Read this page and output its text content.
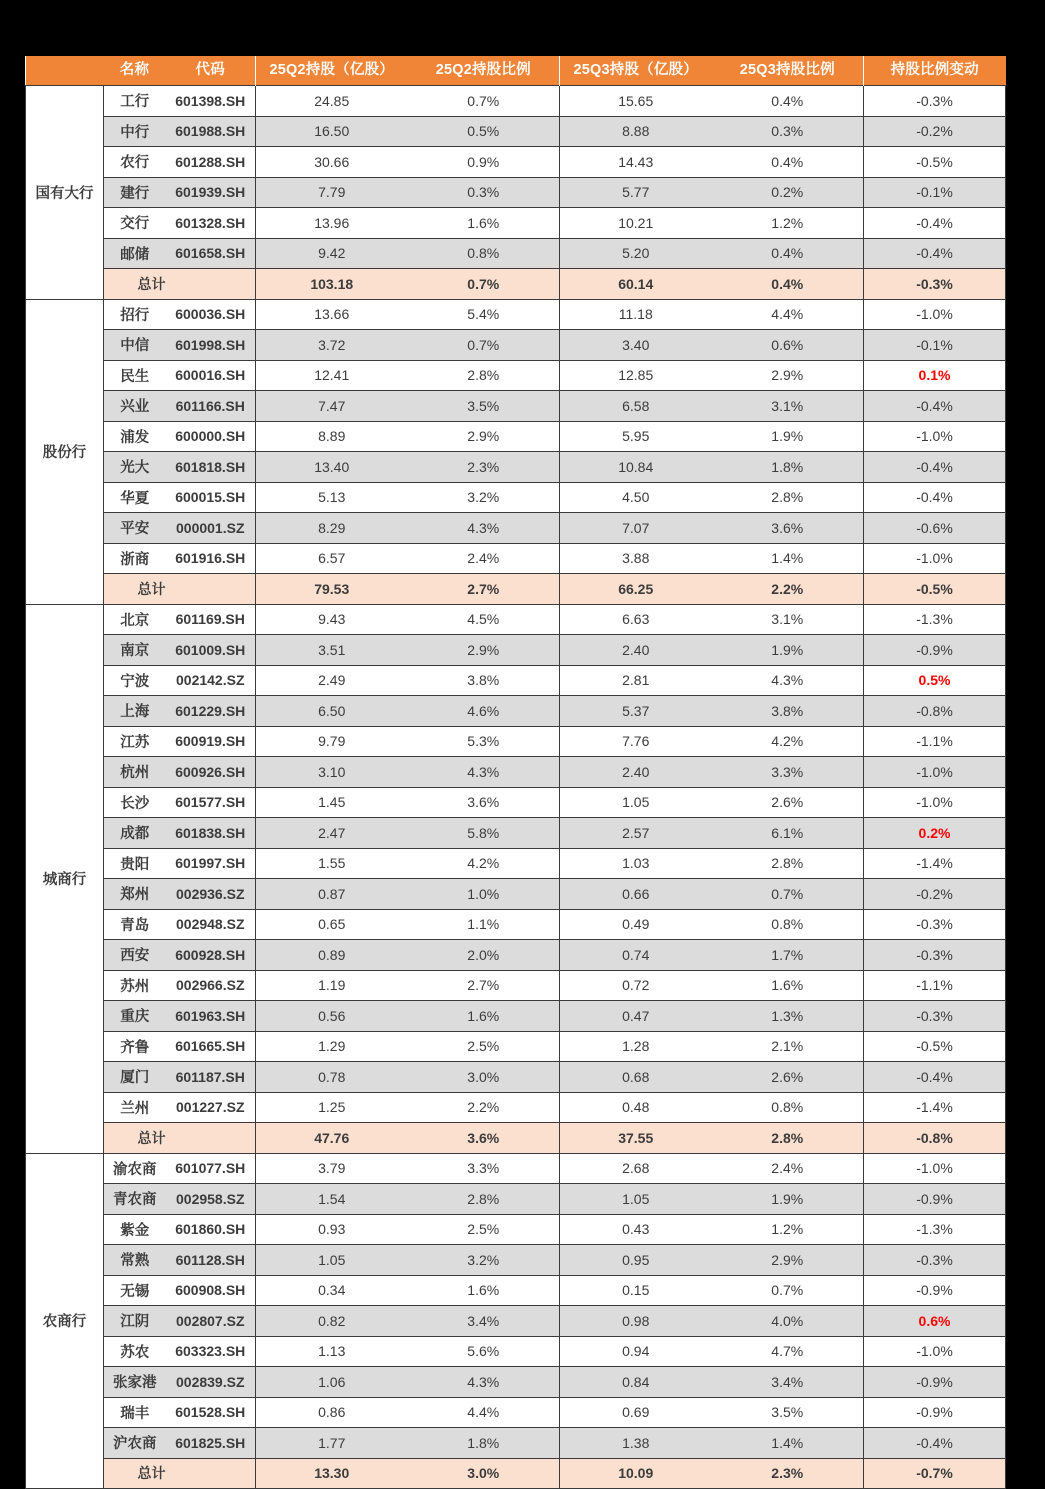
	名称	代码	25Q2持股（亿股）	25Q2持股比例	25Q3持股（亿股）	25Q3持股比例	持股比例变动
国有大行	工行	601398.SH	24.85	0.7%	15.65	0.4%	-0.3%
	中行	601988.SH	16.50	0.5%	8.88	0.3%	-0.2%
	农行	601288.SH	30.66	0.9%	14.43	0.4%	-0.5%
	建行	601939.SH	7.79	0.3%	5.77	0.2%	-0.1%
	交行	601328.SH	13.96	1.6%	10.21	1.2%	-0.4%
	邮储	601658.SH	9.42	0.8%	5.20	0.4%	-0.4%
	总计		103.18	0.7%	60.14	0.4%	-0.3%
股份行	招行	600036.SH	13.66	5.4%	11.18	4.4%	-1.0%
	中信	601998.SH	3.72	0.7%	3.40	0.6%	-0.1%
	民生	600016.SH	12.41	2.8%	12.85	2.9%	0.1%
	兴业	601166.SH	7.47	3.5%	6.58	3.1%	-0.4%
	浦发	600000.SH	8.89	2.9%	5.95	1.9%	-1.0%
	光大	601818.SH	13.40	2.3%	10.84	1.8%	-0.4%
	华夏	600015.SH	5.13	3.2%	4.50	2.8%	-0.4%
	平安	000001.SZ	8.29	4.3%	7.07	3.6%	-0.6%
	浙商	601916.SH	6.57	2.4%	3.88	1.4%	-1.0%
	总计		79.53	2.7%	66.25	2.2%	-0.5%
城商行	北京	601169.SH	9.43	4.5%	6.63	3.1%	-1.3%
	南京	601009.SH	3.51	2.9%	2.40	1.9%	-0.9%
	宁波	002142.SZ	2.49	3.8%	2.81	4.3%	0.5%
	上海	601229.SH	6.50	4.6%	5.37	3.8%	-0.8%
	江苏	600919.SH	9.79	5.3%	7.76	4.2%	-1.1%
	杭州	600926.SH	3.10	4.3%	2.40	3.3%	-1.0%
	长沙	601577.SH	1.45	3.6%	1.05	2.6%	-1.0%
	成都	601838.SH	2.47	5.8%	2.57	6.1%	0.2%
	贵阳	601997.SH	1.55	4.2%	1.03	2.8%	-1.4%
	郑州	002936.SZ	0.87	1.0%	0.66	0.7%	-0.2%
	青岛	002948.SZ	0.65	1.1%	0.49	0.8%	-0.3%
	西安	600928.SH	0.89	2.0%	0.74	1.7%	-0.3%
	苏州	002966.SZ	1.19	2.7%	0.72	1.6%	-1.1%
	重庆	601963.SH	0.56	1.6%	0.47	1.3%	-0.3%
	齐鲁	601665.SH	1.29	2.5%	1.28	2.1%	-0.5%
	厦门	601187.SH	0.78	3.0%	0.68	2.6%	-0.4%
	兰州	001227.SZ	1.25	2.2%	0.48	0.8%	-1.4%
	总计		47.76	3.6%	37.55	2.8%	-0.8%
农商行	渝农商	601077.SH	3.79	3.3%	2.68	2.4%	-1.0%
	青农商	002958.SZ	1.54	2.8%	1.05	1.9%	-0.9%
	紫金	601860.SH	0.93	2.5%	0.43	1.2%	-1.3%
	常熟	601128.SH	1.05	3.2%	0.95	2.9%	-0.3%
	无锡	600908.SH	0.34	1.6%	0.15	0.7%	-0.9%
	江阴	002807.SZ	0.82	3.4%	0.98	4.0%	0.6%
	苏农	603323.SH	1.13	5.6%	0.94	4.7%	-1.0%
	张家港	002839.SZ	1.06	4.3%	0.84	3.4%	-0.9%
	瑞丰	601528.SH	0.86	4.4%	0.69	3.5%	-0.9%
	沪农商	601825.SH	1.77	1.8%	1.38	1.4%	-0.4%
	总计		13.30	3.0%	10.09	2.3%	-0.7%
